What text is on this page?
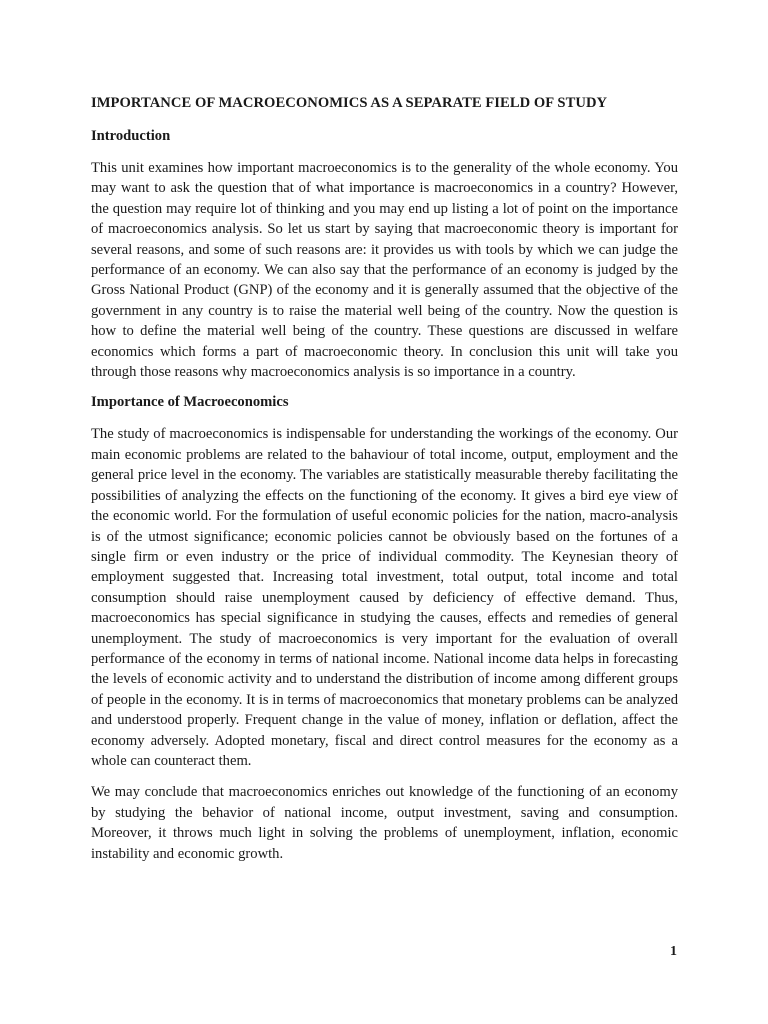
IMPORTANCE OF MACROECONOMICS AS A SEPARATE FIELD OF STUDY
Introduction

This unit examines how important macroeconomics is to the generality of the whole economy. You may want to ask the question that of what importance is macroeconomics in a country? However, the question may require lot of thinking and you may end up listing a lot of point on the importance of macroeconomics analysis. So let us start by saying that macroeconomic theory is important for several reasons, and some of such reasons are: it provides us with tools by which we can judge the performance of an economy. We can also say that the performance of an economy is judged by the Gross National Product (GNP) of the economy and it is generally assumed that the objective of the government in any country is to raise the material well being of the country. Now the question is how to define the material well being of the country. These questions are discussed in welfare economics which forms a part of macroeconomic theory. In conclusion this unit will take you through those reasons why macroeconomics analysis is so importance in a country.

Importance of Macroeconomics

The study of macroeconomics is indispensable for understanding the workings of the economy. Our main economic problems are related to the bahaviour of total income, output, employment and the general price level in the economy. The variables are statistically measurable thereby facilitating the possibilities of analyzing the effects on the functioning of the economy. It gives a bird eye view of the economic world. For the formulation of useful economic policies for the nation, macro-analysis is of the utmost significance; economic policies cannot be obviously based on the fortunes of a single firm or even industry or the price of individual commodity. The Keynesian theory of employment suggested that. Increasing total investment, total output, total income and total consumption should raise unemployment caused by deficiency of effective demand. Thus, macroeconomics has special significance in studying the causes, effects and remedies of general unemployment. The study of macroeconomics is very important for the evaluation of overall performance of the economy in terms of national income. National income data helps in forecasting the levels of economic activity and to understand the distribution of income among different groups of people in the economy. It is in terms of macroeconomics that monetary problems can be analyzed and understood properly. Frequent change in the value of money, inflation or deflation, affect the economy adversely. Adopted monetary, fiscal and direct control measures for the economy as a whole can counteract them.

We may conclude that macroeconomics enriches out knowledge of the functioning of an economy by studying the behavior of national income, output investment, saving and consumption. Moreover, it throws much light in solving the problems of unemployment, inflation, economic instability and economic growth.

1
